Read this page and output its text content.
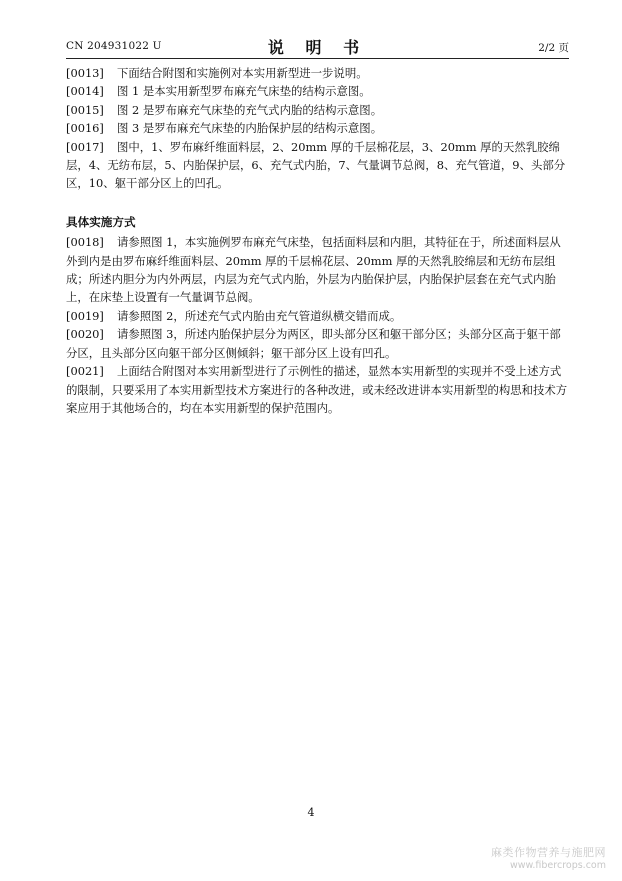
CN 204931022 U	说 明 书	2/2 页

[0013] 下面结合附图和实施例对本实用新型进一步说明。

[0014] 图 1 是本实用新型罗布麻充气床垫的结构示意图。

[0015] 图 2 是罗布麻充气床垫的充气式内胎的结构示意图。

[0016] 图 3 是罗布麻充气床垫的内胎保护层的结构示意图。

[0017] 图中，1、罗布麻纤维面料层，2、20mm 厚的千层棉花层，3、20mm 厚的天然乳胶绵层，4、无纺布层，5、内胎保护层，6、充气式内胎，7、气量调节总阀，8、充气管道，9、头部分区，10、躯干部分区上的凹孔。

具体实施方式

[0018] 请参照图 1，本实施例罗布麻充气床垫，包括面料层和内胆，其特征在于，所述面料层从外到内是由罗布麻纤维面料层、20mm 厚的千层棉花层、20mm 厚的天然乳胶绵层和无纺布层组成；所述内胆分为内外两层，内层为充气式内胎，外层为内胎保护层，内胎保护层套在充气式内胎上，在床垫上设置有一气量调节总阀。

[0019] 请参照图 2，所述充气式内胎由充气管道纵横交错而成。

[0020] 请参照图 3，所述内胎保护层分为两区，即头部分区和躯干部分区；头部分区高于躯干部分区，且头部分区向躯干部分区侧倾斜；躯干部分区上设有凹孔。

[0021] 上面结合附图对本实用新型进行了示例性的描述，显然本实用新型的实现并不受上述方式的限制，只要采用了本实用新型技术方案进行的各种改进，或未经改进讲本实用新型的构思和技术方案应用于其他场合的，均在本实用新型的保护范围内。

4
麻类作物营养与施肥网
www.fibercrops.com
